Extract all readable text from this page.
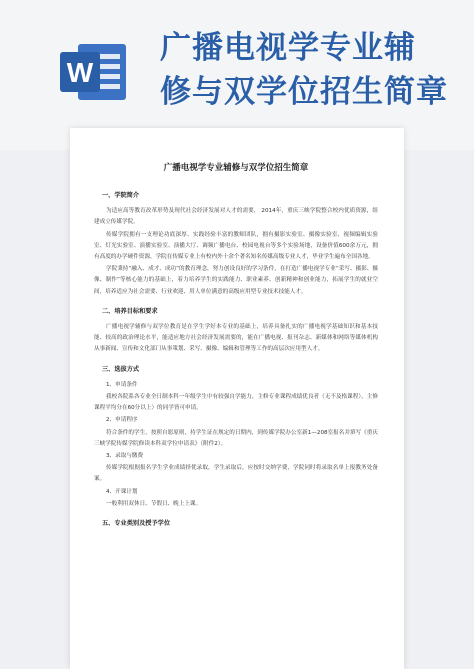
W
广播电视学专业辅
修与双学位招生简章
广播电视学专业辅修与双学位招生简章
一、学院简介
为适应高等教育改革形势及现代社会经济发展对人才的需要， 2014年，重庆三峡学院整合校内优质资源，组建成立传媒学院。
传媒学院拥有一支理论功底深厚、实践经验丰富的教师团队，拥有摄影实验室、摄像实验室、视频编辑实验室、灯光实验室、演播实验室、演播大厅、调频广播电台、校园电视台等多个实验场地，设备价值600余万元，拥有高度的办学硬件资源，学院在传媒专业上有校内外十余个著名知名传媒高级专业人才，毕业学生遍布全国各地。
学院秉持“融入、成才、成功”的教育理念，努力创设良好的学习条件，在打造广播电视学专业“采写、摄影、摄像、制作”等核心能力的基础上，着力培养学生的实践能力、职业素养、创新精神和创业能力，拓展学生的就业空间，培养适应为社会需要、行业欢迎、用人单位满意的高级应用型专业技术技能人才。
二、培养目标和要求
广播电视学辅修与双学位教育是在学生学好本专业的基础上，培养具备扎实的广播电视学基础知识和基本技能、较高的政治理论水平，能适应地方社会经济发展需要的，能在广播电视、报刊杂志、新媒体和网络等媒体机构从事新闻、宣传和文化部门从事策划、采写、摄像、编辑和管理等工作的高层次应用型人才。
三、选拔方式
1、申请条件
我校各院系各专业全日制本科一年级学生中有较强自学能力，主修专业课程成绩优良者（无不及格课程），主修课程平均分在60分以上）的同学皆可申请。
2、申请程序
符合条件的学生，按照自愿原则，持学生证在规定的日期内，到传媒学院办公室新1—208室报名并填写《重庆三峡学院传媒学院修读本科双学位申请表》（附件2）。
3、录取与缴费
传媒学院根据报名学生学业成绩择优录取，学生录取后，应按时交纳学费，学院同时将录取名单上报教务处备案。
4、开课计划
一般利用双休日、节假日、晚上上课。
五、专业类别及授予学位
